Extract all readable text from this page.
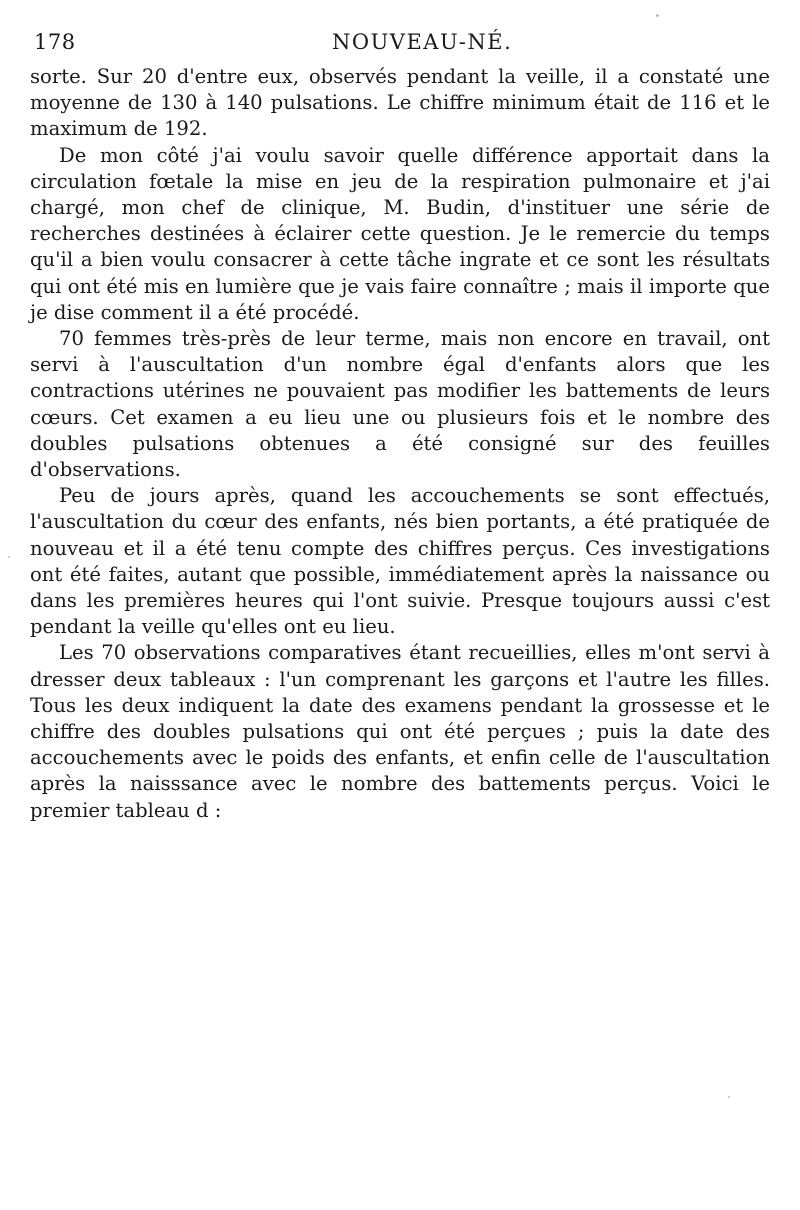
178	NOUVEAU-NÉ.

sorte. Sur 20 d'entre eux, observés pendant la veille, il a constaté une moyenne de 130 à 140 pulsations. Le chiffre minimum était de 116 et le maximum de 192.

De mon côté j'ai voulu savoir quelle différence apportait dans la circulation fœtale la mise en jeu de la respiration pulmonaire et j'ai chargé, mon chef de clinique, M. Budin, d'instituer une série de recherches destinées à éclairer cette question. Je le remercie du temps qu'il a bien voulu consacrer à cette tâche ingrate et ce sont les résultats qui ont été mis en lumière que je vais faire connaître ; mais il importe que je dise comment il a été procédé.

70 femmes très-près de leur terme, mais non encore en travail, ont servi à l'auscultation d'un nombre égal d'enfants alors que les contractions utérines ne pouvaient pas modifier les battements de leurs cœurs. Cet examen a eu lieu une ou plusieurs fois et le nombre des doubles pulsations obtenues a été consigné sur des feuilles d'observations.

Peu de jours après, quand les accouchements se sont effectués, l'auscultation du cœur des enfants, nés bien portants, a été pratiquée de nouveau et il a été tenu compte des chiffres perçus. Ces investigations ont été faites, autant que possible, immédiatement après la naissance ou dans les premières heures qui l'ont suivie. Presque toujours aussi c'est pendant la veille qu'elles ont eu lieu.

Les 70 observations comparatives étant recueillies, elles m'ont servi à dresser deux tableaux : l'un comprenant les garçons et l'autre les filles. Tous les deux indiquent la date des examens pendant la grossesse et le chiffre des doubles pulsations qui ont été perçues ; puis la date des accouchements avec le poids des enfants, et enfin celle de l'auscultation après la naisssance avec le nombre des battements perçus. Voici le premier tableau d :
